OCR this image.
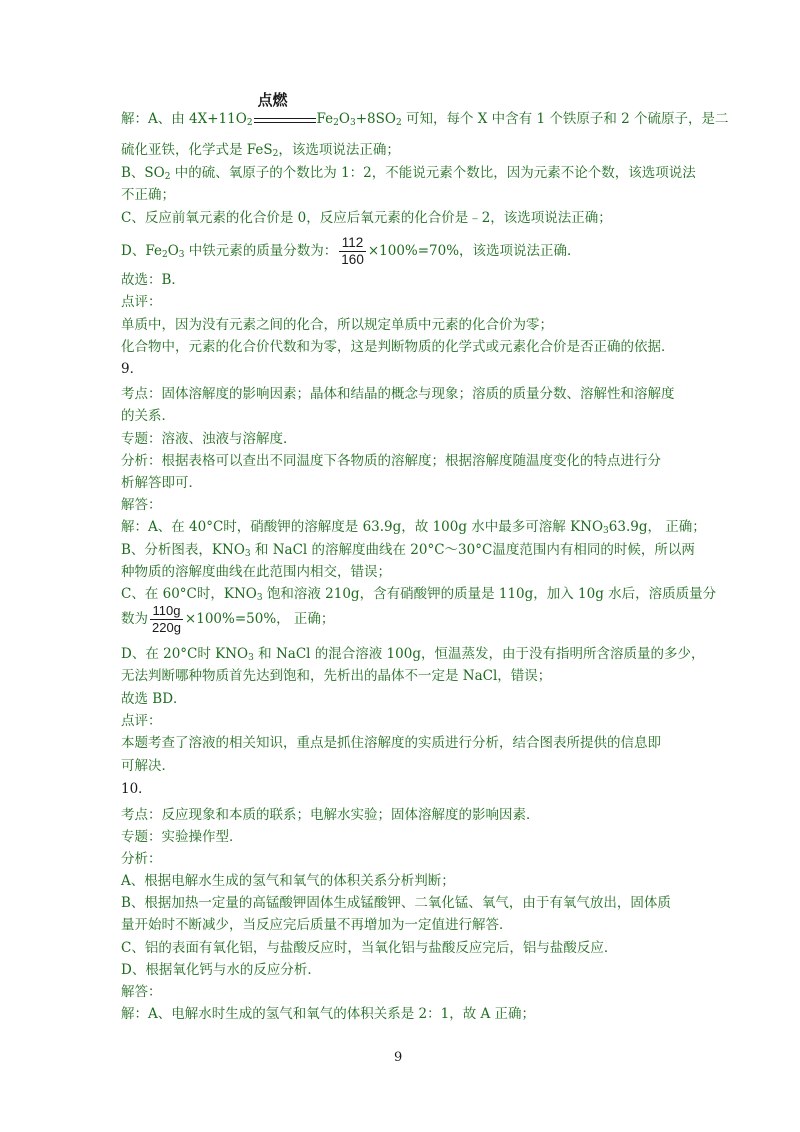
解：A、由 $4X+11O_2$
点燃
$Fe_2O_3+8SO_2$ 可知，每个 X 中含有 1 个铁原子和 2 个硫原子，是二
硫化亚铁，化学式是 FeS$_2$，该选项说法正确；
B、$SO_2$ 中的硫、氧原子的个数比为 1：2，不能说元素个数比，因为元素不论个数，该选项说法
不正确；
C、反应前氧元素的化合价是 0，反应后氧元素的化合价是﹣2，该选项说法正确；
D、$Fe_2O_3$ 中铁元素的质量分数为： $\frac{112}{160} \times 100\%=70\%$，该选项说法正确．
故选：B．
点评：
单质中，因为没有元素之间的化合，所以规定单质中元素的化合价为零；
化合物中，元素的化合价代数和为零，这是判断物质的化学式或元素化合价是否正确的依据．
9．
考点：固体溶解度的影响因素；晶体和结晶的概念与现象；溶质的质量分数、溶解性和溶解度
的关系．
专题：溶液、浊液与溶解度．
分析：根据表格可以查出不同温度下各物质的溶解度；根据溶解度随温度变化的特点进行分
析解答即可．
解答：
解：A、在 40°C时，硝酸钾的溶解度是 63.9g，故 100g 水中最多可溶解 $KNO_363.9g$， 正确；
B、分析图表，$KNO_3$ 和 NaCl 的溶解度曲线在 20°C～30°C温度范围内有相同的时候，所以两
种物质的溶解度曲线在此范围内相交，错误；
C、在 60°C时，$KNO_3$ 饱和溶液 210g，含有硝酸钾的质量是 110g，加入 10g 水后，溶质质量分
数为 $\frac{110g}{220g} \times 100\%=50\%$， 正确；
D、在 20°C时 $KNO_3$ 和 NaCl 的混合溶液 100g，恒温蒸发，由于没有指明所含溶质量的多少，
无法判断哪种物质首先达到饱和，先析出的晶体不一定是 NaCl，错误；
故选 BD．
点评：
本题考查了溶液的相关知识，重点是抓住溶解度的实质进行分析，结合图表所提供的信息即
可解决．
10．
考点：反应现象和本质的联系；电解水实验；固体溶解度的影响因素．
专题：实验操作型．
分析：
A、根据电解水生成的氢气和氧气的体积关系分析判断；
B、根据加热一定量的高锰酸钾固体生成锰酸钾、二氧化锰、氧气，由于有氧气放出，固体质
量开始时不断减少，当反应完后质量不再增加为一定值进行解答．
C、铝的表面有氧化铝，与盐酸反应时，当氧化铝与盐酸反应完后，铝与盐酸反应．
D、根据氧化钙与水的反应分析．
解答：
解：A、电解水时生成的氢气和氧气的体积关系是 2：1，故 A 正确；
9
